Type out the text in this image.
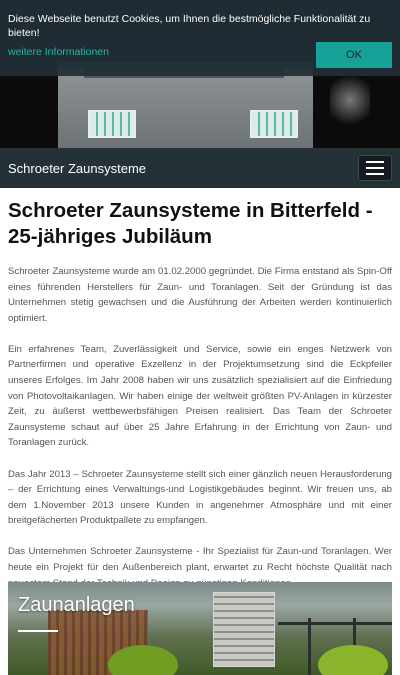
Diese Webseite benutzt Cookies, um Ihnen die bestmögliche Funktionalität zu bieten!
weitere Informationen	OK
Schroeter Zaunsysteme
Schroeter Zaunsysteme in Bitterfeld - 25-jähriges Jubiläum

Schroeter Zaunsysteme wurde am 01.02.2000 gegründet. Die Firma entstand als Spin-Off eines führenden Herstellers für Zaun- und Toranlagen. Seit der Gründung ist das Unternehmen stetig gewachsen und die Ausführung der Arbeiten werden kontinuierlich optimiert.

Ein erfahrenes Team, Zuverlässigkeit und Service, sowie ein enges Netzwerk von Partnerfirmen und operative Exzellenz in der Projektumsetzung sind die Eckpfeiler unseres Erfolges. Im Jahr 2008 haben wir uns zusätzlich spezialisiert auf die Einfriedung von Photovoltaikanlagen. Wir haben einige der weltweit größten PV-Anlagen in kürzester Zeit, zu äußerst wettbewerbsfähigen Preisen realisiert. Das Team der Schroeter Zaunsysteme schaut auf über 25 Jahre Erfahrung in der Errichtung von Zaun- und Toranlagen zurück.

Das Jahr 2013 – Schroeter Zaunsysteme stellt sich einer gänzlich neuen Herausforderung – der Errichtung eines Verwaltungs-und Logistikgebäudes beginnt. Wir freuen uns, ab dem 1.November 2013 unsere Kunden in angenehmer Atmosphäre und mit einer breitgefächerten Produktpallete zu empfangen.

Das Unternehmen Schroeter Zaunsysteme - Ihr Spezialist für Zaun-und Toranlagen. Wer heute ein Projekt für den Außenbereich plant, erwartet zu Recht höchste Qualität nach

Zaunanlagen
